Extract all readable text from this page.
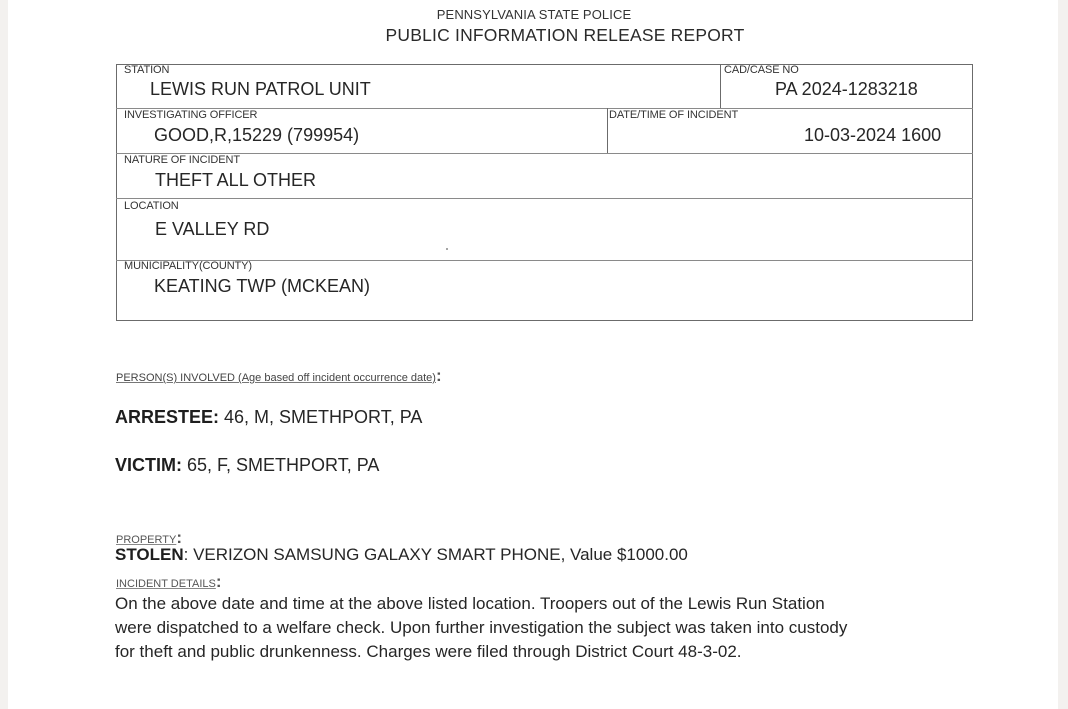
PENNSYLVANIA STATE POLICE
PUBLIC INFORMATION RELEASE REPORT
STATION
LEWIS RUN PATROL UNIT
CAD/CASE NO
PA 2024-1283218
INVESTIGATING OFFICER
GOOD,R,15229 (799954)
DATE/TIME OF INCIDENT
10-03-2024 1600
NATURE OF INCIDENT
THEFT ALL OTHER
LOCATION
E VALLEY RD
MUNICIPALITY(COUNTY)
KEATING TWP (MCKEAN)
PERSON(S) INVOLVED (Age based off incident occurrence date):
ARRESTEE: 46, M, SMETHPORT, PA
VICTIM: 65, F, SMETHPORT, PA
PROPERTY:
STOLEN: VERIZON SAMSUNG GALAXY SMART PHONE, Value $1000.00
INCIDENT DETAILS:
On the above date and time at the above listed location. Troopers out of the Lewis Run Station
were dispatched to a welfare check. Upon further investigation the subject was taken into custody
for theft and public drunkenness. Charges were filed through District Court 48-3-02.
